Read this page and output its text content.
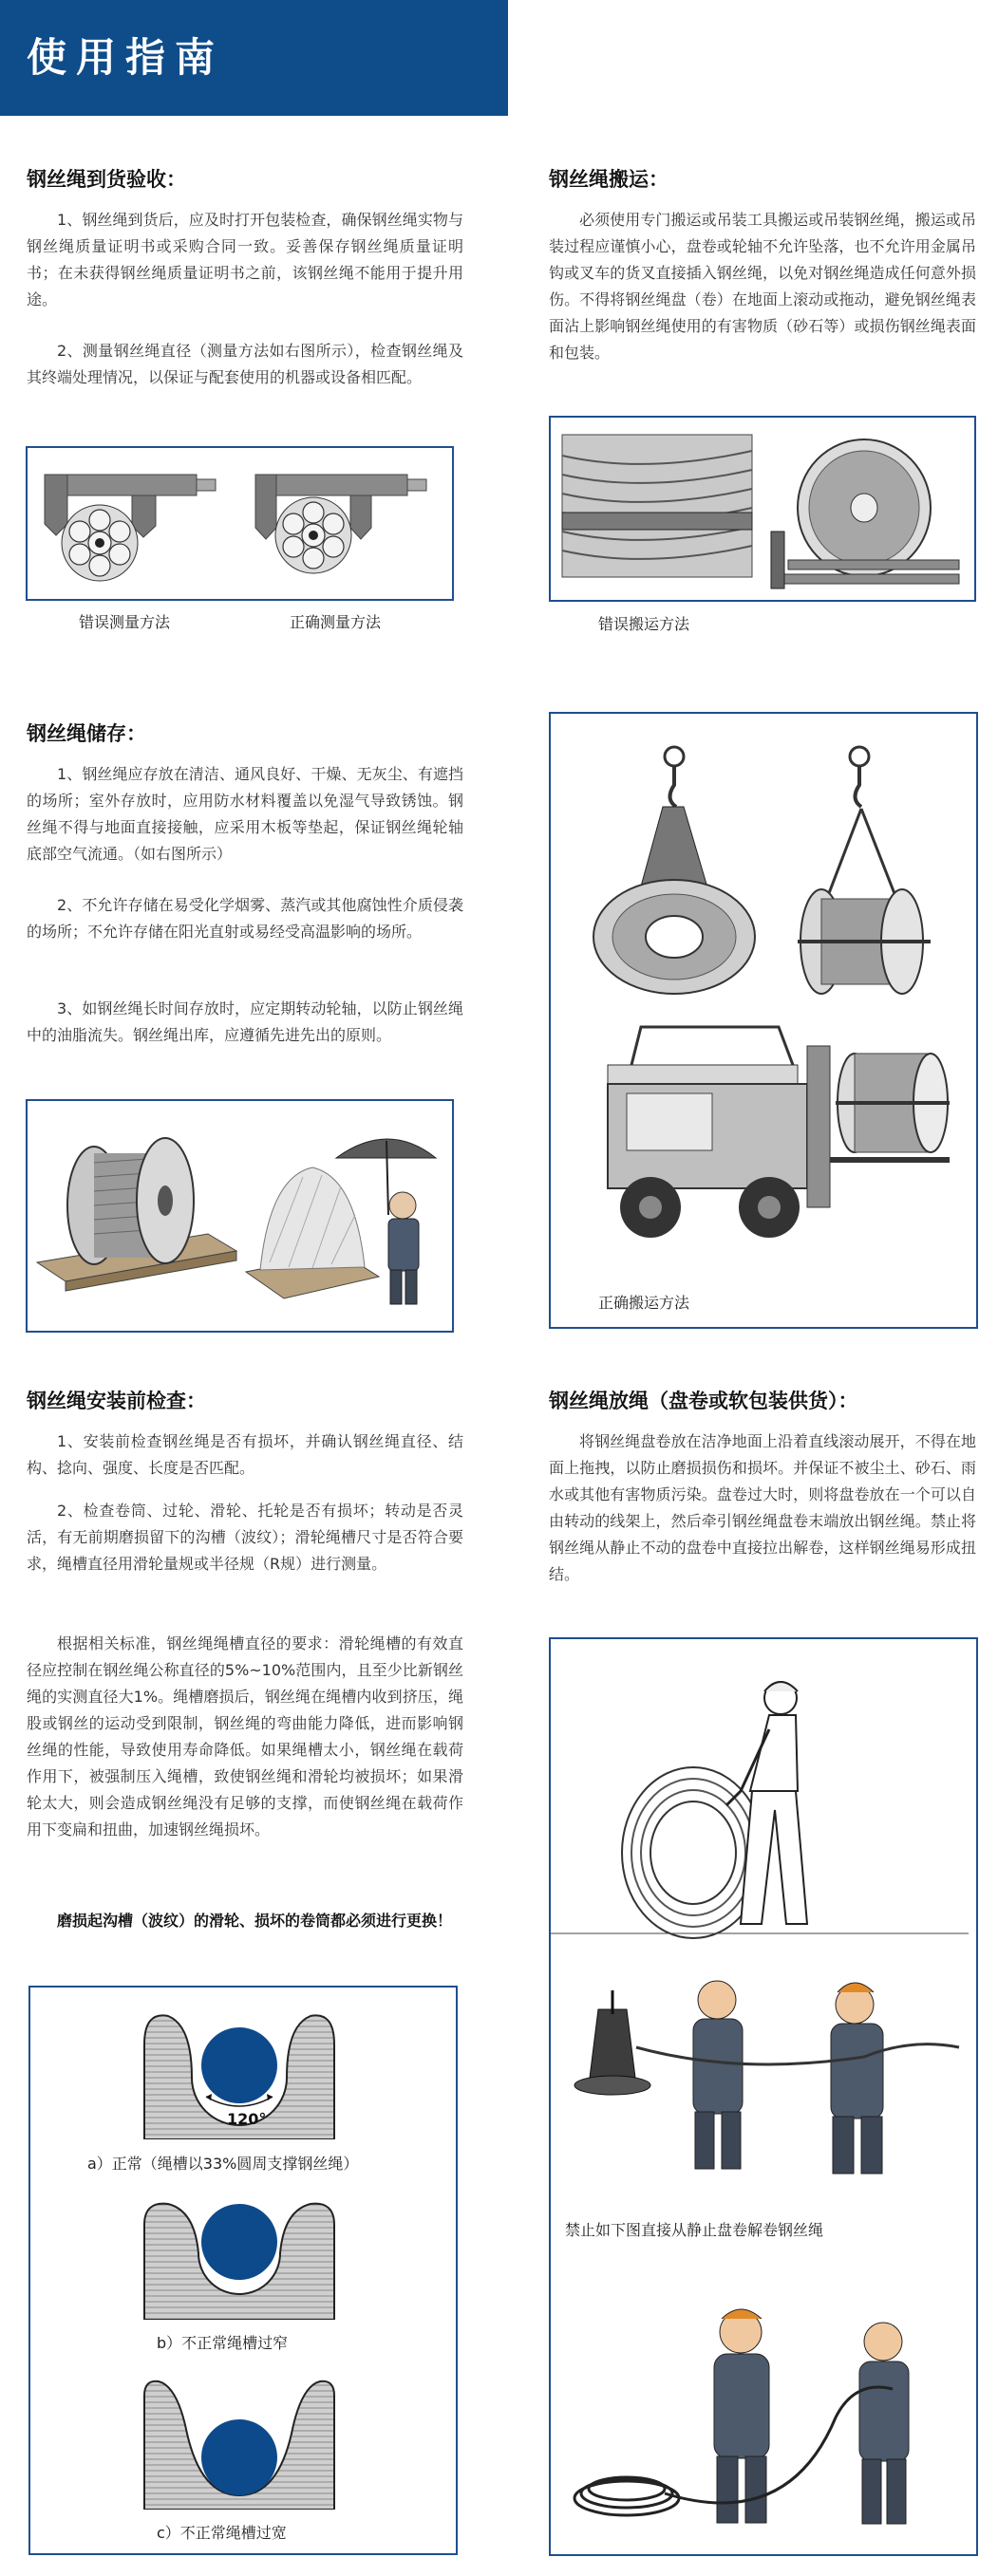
使用指南
钢丝绳到货验收：

1、钢丝绳到货后，应及时打开包装检查，确保钢丝绳实物与钢丝绳质量证明书或采购合同一致。妥善保存钢丝绳质量证明书；在未获得钢丝绳质量证明书之前，该钢丝绳不能用于提升用途。

2、测量钢丝绳直径（测量方法如右图所示），检查钢丝绳及其终端处理情况，以保证与配套使用的机器或设备相匹配。

错误测量方法	正确测量方法
钢丝绳储存：

1、钢丝绳应存放在清洁、通风良好、干燥、无灰尘、有遮挡的场所；室外存放时，应用防水材料覆盖以免湿气导致锈蚀。钢丝绳不得与地面直接接触，应采用木板等垫起，保证钢丝绳轮轴底部空气流通。（如右图所示）

2、不允许存储在易受化学烟雾、蒸汽或其他腐蚀性介质侵袭的场所；不允许存储在阳光直射或易经受高温影响的场所。

3、如钢丝绳长时间存放时，应定期转动轮轴，以防止钢丝绳中的油脂流失。钢丝绳出库，应遵循先进先出的原则。

钢丝绳安装前检查：

1、安装前检查钢丝绳是否有损坏，并确认钢丝绳直径、结构、捻向、强度、长度是否匹配。

2、检查卷筒、过轮、滑轮、托轮是否有损坏；转动是否灵活，有无前期磨损留下的沟槽（波纹）；滑轮绳槽尺寸是否符合要求，绳槽直径用滑轮量规或半径规（R规）进行测量。

根据相关标准，钢丝绳绳槽直径的要求：滑轮绳槽的有效直径应控制在钢丝绳公称直径的5%~10%范围内，且至少比新钢丝绳的实测直径大1%。绳槽磨损后，钢丝绳在绳槽内收到挤压，绳股或钢丝的运动受到限制，钢丝绳的弯曲能力降低，进而影响钢丝绳的性能，导致使用寿命降低。如果绳槽太小，钢丝绳在载荷作用下，被强制压入绳槽，致使钢丝绳和滑轮均被损坏；如果滑轮太大，则会造成钢丝绳没有足够的支撑，而使钢丝绳在载荷作用下变扁和扭曲，加速钢丝绳损坏。

磨损起沟槽（波纹）的滑轮、损坏的卷筒都必须进行更换！

120°
a）正常（绳槽以33%圆周支撑钢丝绳）
b）不正常绳槽过窄
c）不正常绳槽过宽
钢丝绳搬运：

必须使用专门搬运或吊装工具搬运或吊装钢丝绳，搬运或吊装过程应谨慎小心，盘卷或轮轴不允许坠落，也不允许用金属吊钩或叉车的货叉直接插入钢丝绳，以免对钢丝绳造成任何意外损伤。不得将钢丝绳盘（卷）在地面上滚动或拖动，避免钢丝绳表面沾上影响钢丝绳使用的有害物质（砂石等）或损伤钢丝绳表面和包装。

错误搬运方法
正确搬运方法
钢丝绳放绳（盘卷或软包装供货）：

将钢丝绳盘卷放在洁净地面上沿着直线滚动展开，不得在地面上拖拽，以防止磨损损伤和损坏。并保证不被尘土、砂石、雨水或其他有害物质污染。盘卷过大时，则将盘卷放在一个可以自由转动的线架上，然后牵引钢丝绳盘卷末端放出钢丝绳。禁止将钢丝绳从静止不动的盘卷中直接拉出解卷，这样钢丝绳易形成扭结。

禁止如下图直接从静止盘卷解卷钢丝绳
